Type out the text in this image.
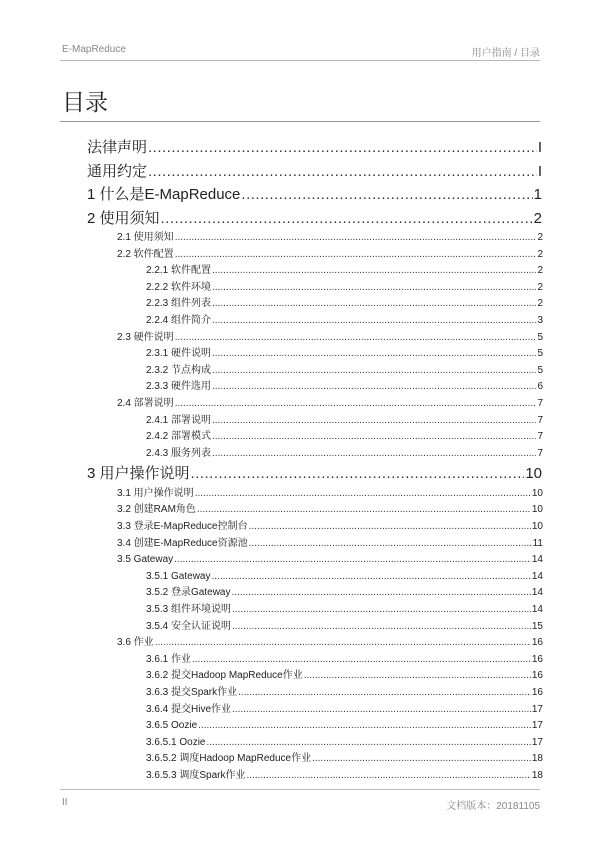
E-MapReduce	用户指南 / 目录
目录
法律声明 .....	I
通用约定 .....	I
1 什么是E-MapReduce .....	1
2 使用须知 .....	2
2.1 使用须知 .....	2
2.2 软件配置 .....	2
2.2.1 软件配置 .....	2
2.2.2 软件环境 .....	2
2.2.3 组件列表 .....	2
2.2.4 组件简介 .....	3
2.3 硬件说明 .....	5
2.3.1 硬件说明 .....	5
2.3.2 节点构成 .....	5
2.3.3 硬件选用 .....	6
2.4 部署说明 .....	7
2.4.1 部署说明 .....	7
2.4.2 部署模式 .....	7
2.4.3 服务列表 .....	7
3 用户操作说明 .....	10
3.1 用户操作说明 .....	10
3.2 创建RAM角色 .....	10
3.3 登录E-MapReduce控制台 .....	10
3.4 创建E-MapReduce资源池 .....	11
3.5 Gateway .....	14
3.5.1 Gateway .....	14
3.5.2 登录Gateway .....	14
3.5.3 组件环境说明 .....	14
3.5.4 安全认证说明 .....	15
3.6 作业 .....	16
3.6.1 作业 .....	16
3.6.2 提交Hadoop MapReduce作业 .....	16
3.6.3 提交Spark作业 .....	16
3.6.4 提交Hive作业 .....	17
3.6.5 Oozie .....	17
3.6.5.1 Oozie .....	17
3.6.5.2 调度Hadoop MapReduce作业 .....	18
3.6.5.3 调度Spark作业 .....	18
II	文档版本：20181105
